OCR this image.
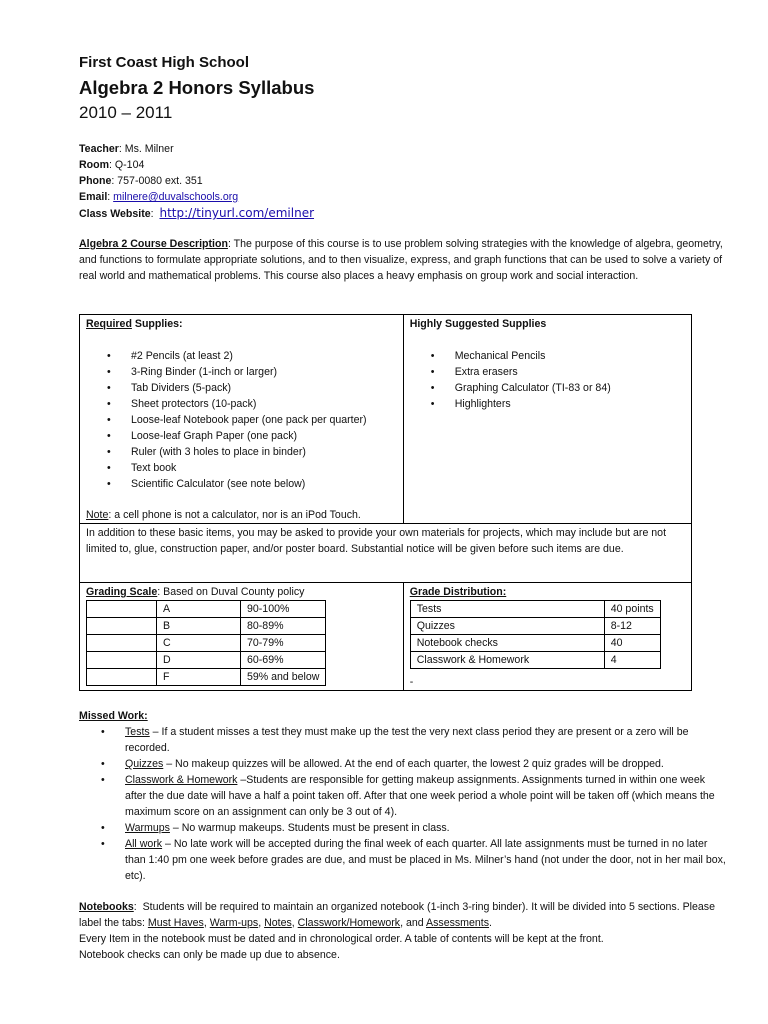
First Coast High School
Algebra 2 Honors Syllabus
2010 – 2011
Teacher: Ms. Milner
Room: Q-104
Phone: 757-0080 ext. 351
Email: milnere@duvalschools.org
Class Website:  http://tinyurl.com/emilner
Algebra 2 Course Description: The purpose of this course is to use problem solving strategies with the knowledge of algebra, geometry, and functions to formulate appropriate solutions, and to then visualize, express, and graph functions that can be used to solve a variety of real world and mathematical problems. This course also places a heavy emphasis on group work and social interaction.
Required Supplies:
• #2 Pencils (at least 2)
• 3-Ring Binder (1-inch or larger)
• Tab Dividers (5-pack)
• Sheet protectors (10-pack)
• Loose-leaf Notebook paper (one pack per quarter)
• Loose-leaf Graph Paper (one pack)
• Ruler (with 3 holes to place in binder)
• Text book
• Scientific Calculator (see note below)
Note: a cell phone is not a calculator, nor is an iPod Touch.

Highly Suggested Supplies
• Mechanical Pencils
• Extra erasers
• Graphing Calculator (TI-83 or 84)
• Highlighters

In addition to these basic items, you may be asked to provide your own materials for projects, which may include but are not limited to, glue, construction paper, and/or poster board. Substantial notice will be given before such items are due.

Grading Scale: Based on Duval County policy
	A	90-100%
	B	80-89%
	C	70-79%
	D	60-69%
	F	59% and below

Grade Distribution:
Tests	40 points
Quizzes	8-12
Notebook checks	40
Classwork & Homework	4
-
Missed Work:
• Tests – If a student misses a test they must make up the test the very next class period they are present or a zero will be recorded.
• Quizzes – No makeup quizzes will be allowed. At the end of each quarter, the lowest 2 quiz grades will be dropped.
• Classwork & Homework –Students are responsible for getting makeup assignments. Assignments turned in within one week after the due date will have a half a point taken off. After that one week period a whole point will be taken off (which means the maximum score on an assignment can only be 3 out of 4).
• Warmups – No warmup makeups. Students must be present in class.
• All work – No late work will be accepted during the final week of each quarter. All late assignments must be turned in no later than 1:40 pm one week before grades are due, and must be placed in Ms. Milner’s hand (not under the door, not in her mail box, etc).
Notebooks:  Students will be required to maintain an organized notebook (1-inch 3-ring binder). It will be divided into 5 sections. Please label the tabs: Must Haves, Warm-ups, Notes, Classwork/Homework, and Assessments.
Every Item in the notebook must be dated and in chronological order. A table of contents will be kept at the front.
Notebook checks can only be made up due to absence.
